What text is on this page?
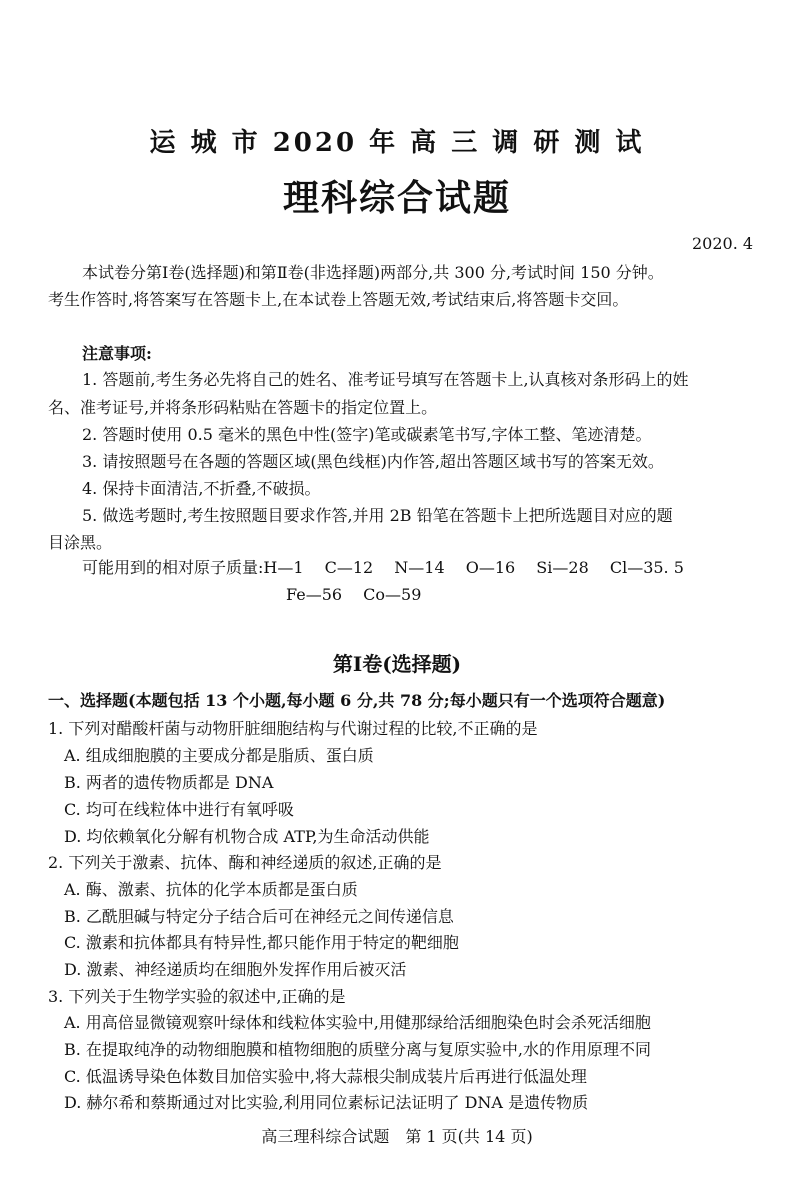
运 城 市 2020 年 高 三 调 研 测 试
理科综合试题
2020. 4
本试卷分第Ⅰ卷(选择题)和第Ⅱ卷(非选择题)两部分,共 300 分,考试时间 150 分钟。
考生作答时,将答案写在答题卡上,在本试卷上答题无效,考试结束后,将答题卡交回。
注意事项:
1. 答题前,考生务必先将自己的姓名、准考证号填写在答题卡上,认真核对条形码上的姓
名、准考证号,并将条形码粘贴在答题卡的指定位置上。
2. 答题时使用 0.5 毫米的黑色中性(签字)笔或碳素笔书写,字体工整、笔迹清楚。
3. 请按照题号在各题的答题区域(黑色线框)内作答,超出答题区域书写的答案无效。
4. 保持卡面清洁,不折叠,不破损。
5. 做选考题时,考生按照题目要求作答,并用 2B 铅笔在答题卡上把所选题目对应的题
目涂黑。
可能用到的相对原子质量:H—1　 C—12　 N—14　 O—16　 Si—28　 Cl—35. 5
Fe—56　 Co—59
第Ⅰ卷(选择题)
一、选择题(本题包括 13 个小题,每小题 6 分,共 78 分;每小题只有一个选项符合题意)
1. 下列对醋酸杆菌与动物肝脏细胞结构与代谢过程的比较,不正确的是
A. 组成细胞膜的主要成分都是脂质、蛋白质
B. 两者的遗传物质都是 DNA
C. 均可在线粒体中进行有氧呼吸
D. 均依赖氧化分解有机物合成 ATP,为生命活动供能
2. 下列关于激素、抗体、酶和神经递质的叙述,正确的是
A. 酶、激素、抗体的化学本质都是蛋白质
B. 乙酰胆碱与特定分子结合后可在神经元之间传递信息
C. 激素和抗体都具有特异性,都只能作用于特定的靶细胞
D. 激素、神经递质均在细胞外发挥作用后被灭活
3. 下列关于生物学实验的叙述中,正确的是
A. 用高倍显微镜观察叶绿体和线粒体实验中,用健那绿给活细胞染色时会杀死活细胞
B. 在提取纯净的动物细胞膜和植物细胞的质壁分离与复原实验中,水的作用原理不同
C. 低温诱导染色体数目加倍实验中,将大蒜根尖制成装片后再进行低温处理
D. 赫尔希和蔡斯通过对比实验,利用同位素标记法证明了 DNA 是遗传物质
高三理科综合试题　第 1 页(共 14 页)
